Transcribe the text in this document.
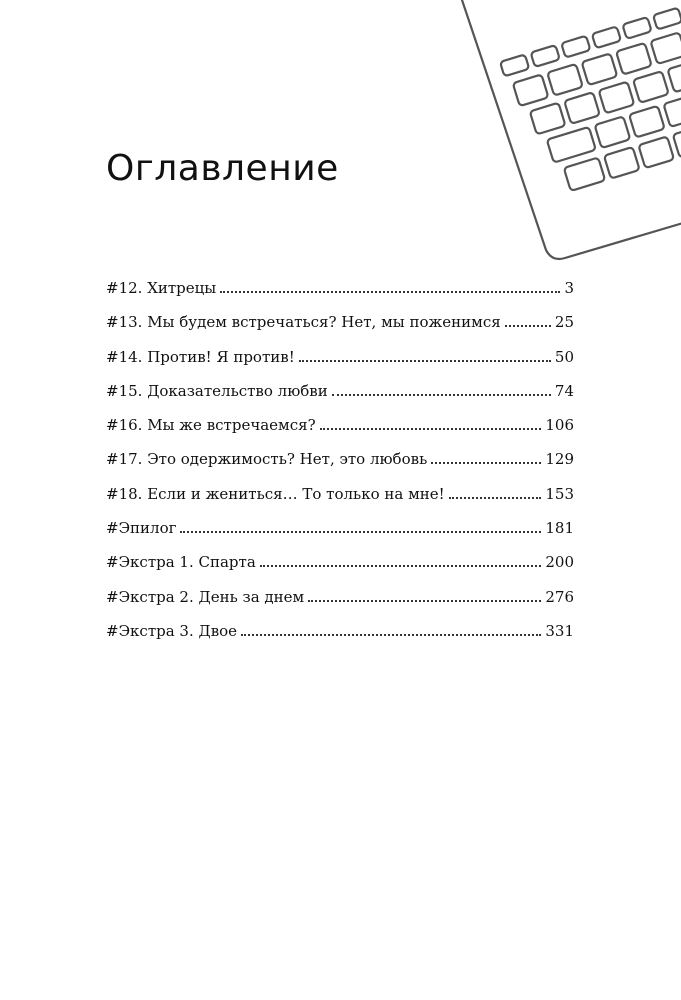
Оглавление
#12. Хитрецы	3
#13. Мы будем встречаться? Нет, мы поженимся	25
#14. Против! Я против!	50
#15. Доказательство любви	74
#16. Мы же встречаемся?	106
#17. Это одержимость? Нет, это любовь	129
#18. Если и жениться… То только на мне!	153
#Эпилог	181
#Экстра 1. Спарта	200
#Экстра 2. День за днем	276
#Экстра 3. Двое	331
